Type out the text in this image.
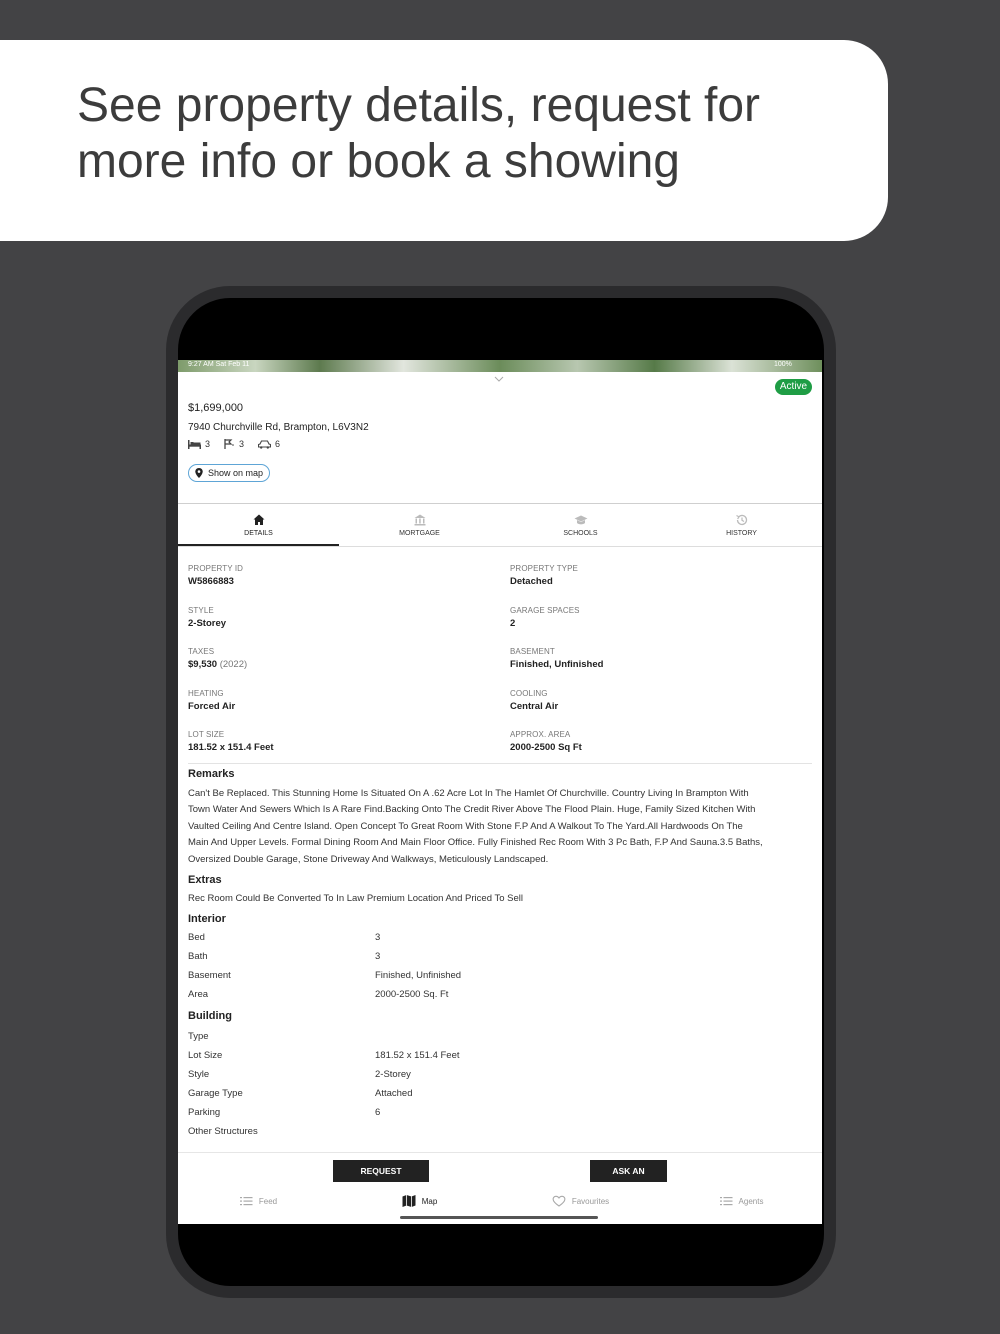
See property details, request for
more info or book a showing
9:27 AM Sat Feb 11	100%
Active
$1,699,000
7940 Churchville Rd, Brampton, L6V3N2
3	3	6
Show on map
DETAILS	MORTGAGE	SCHOOLS	HISTORY
PROPERTY ID
W5866883
PROPERTY TYPE
Detached
STYLE
2-Storey
GARAGE SPACES
2
TAXES
$9,530 (2022)
BASEMENT
Finished, Unfinished
HEATING
Forced Air
COOLING
Central Air
LOT SIZE
181.52 x 151.4 Feet
APPROX. AREA
2000-2500 Sq Ft
Remarks
Can't Be Replaced. This Stunning Home Is Situated On A .62 Acre Lot In The Hamlet Of Churchville. Country Living In Brampton With
Town Water And Sewers Which Is A Rare Find.Backing Onto The Credit River Above The Flood Plain. Huge, Family Sized Kitchen With
Vaulted Ceiling And Centre Island. Open Concept To Great Room With Stone F.P And A Walkout To The Yard.All Hardwoods On The
Main And Upper Levels. Formal Dining Room And Main Floor Office. Fully Finished Rec Room With 3 Pc Bath, F.P And Sauna.3.5 Baths,
Oversized Double Garage, Stone Driveway And Walkways, Meticulously Landscaped.
Extras
Rec Room Could Be Converted To In Law Premium Location And Priced To Sell
Interior
Bed	3
Bath	3
Basement	Finished, Unfinished
Area	2000-2500 Sq. Ft
Building
Type
Lot Size	181.52 x 151.4 Feet
Style	2-Storey
Garage Type	Attached
Parking	6
Other Structures
REQUEST SHOWING
ASK AN EXPERT
Feed	Map	Favourites	Agents
